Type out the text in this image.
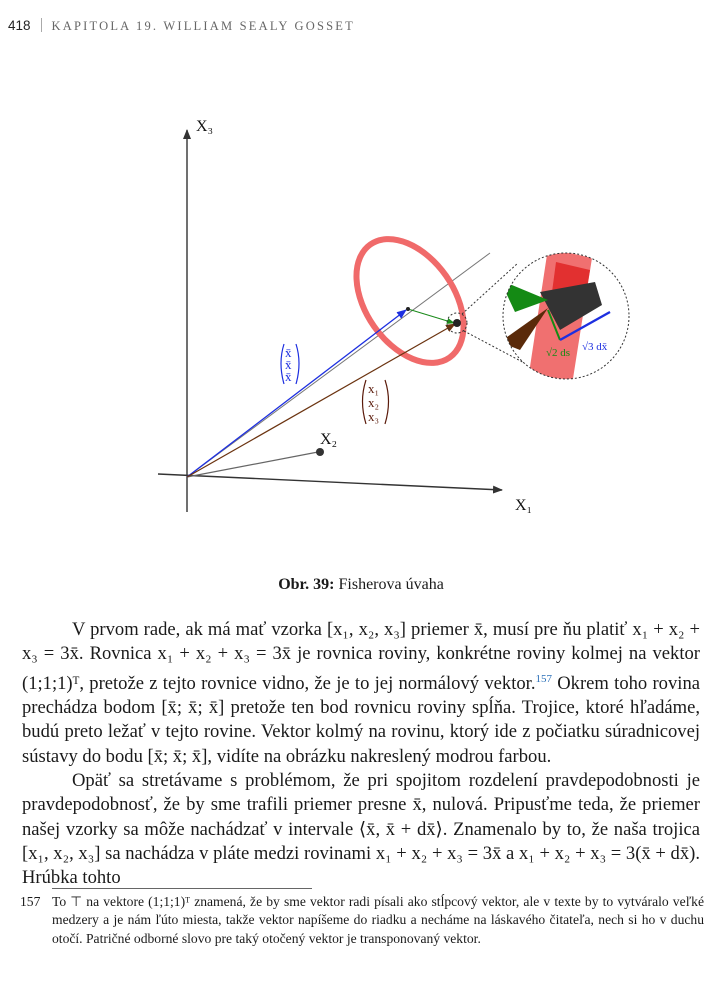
418 KAPITOLA 19. WILLIAM SEALY GOSSET
X₃
X₁
X₂
x̄
x̄
x̄
x₁
x₂
x₃
√2 ds √3 dx̄
Obr. 39: Fisherova úvaha

V prvom rade, ak má mať vzorka [x₁, x₂, x₃] priemer x̄, musí pre ňu platiť x₁ + x₂ + x₃ = 3x̄. Rovnica x₁ + x₂ + x₃ = 3x̄ je rovnica roviny, konkrétne roviny kolmej na vektor (1;1;1)ᵀ, pretože z tejto rovnice vidno, že je to jej normálový vektor.$^{157}$ Okrem toho rovina prechádza bodom [x̄; x̄; x̄] pretože ten bod rovnicu roviny spĺňa. Trojice, ktoré hľadáme, budú preto ležať v tejto rovine. Vektor kolmý na rovinu, ktorý ide z počiatku súradnicovej sústavy do bodu [x̄; x̄; x̄], vidíte na obrázku nakreslený modrou farbou.

Opäť sa stretávame s problémom, že pri spojitom rozdelení pravdepodobnosti je pravdepodobnosť, že by sme trafili priemer presne x̄, nulová. Pripusťme teda, že priemer našej vzorky sa môže nachádzať v intervale ⟨x̄, x̄ + dx̄⟩. Znamenalo by to, že naša trojica [x₁, x₂, x₃] sa nachádza v pláte medzi rovinami x₁ + x₂ + x₃ = 3x̄ a x₁ + x₂ + x₃ = 3(x̄ + dx̄). Hrúbka tohto

157 To ⊤ na vektore (1;1;1)ᵀ znamená, že by sme vektor radi písali ako stĺpcový vektor, ale v texte by to vytváralo veľké medzery a je nám ľúto miesta, takže vektor napíšeme do riadku a necháme na láskavého čitateľa, nech si ho v duchu otočí. Patričné odborné slovo pre taký otočený vektor je transponovaný vektor.
